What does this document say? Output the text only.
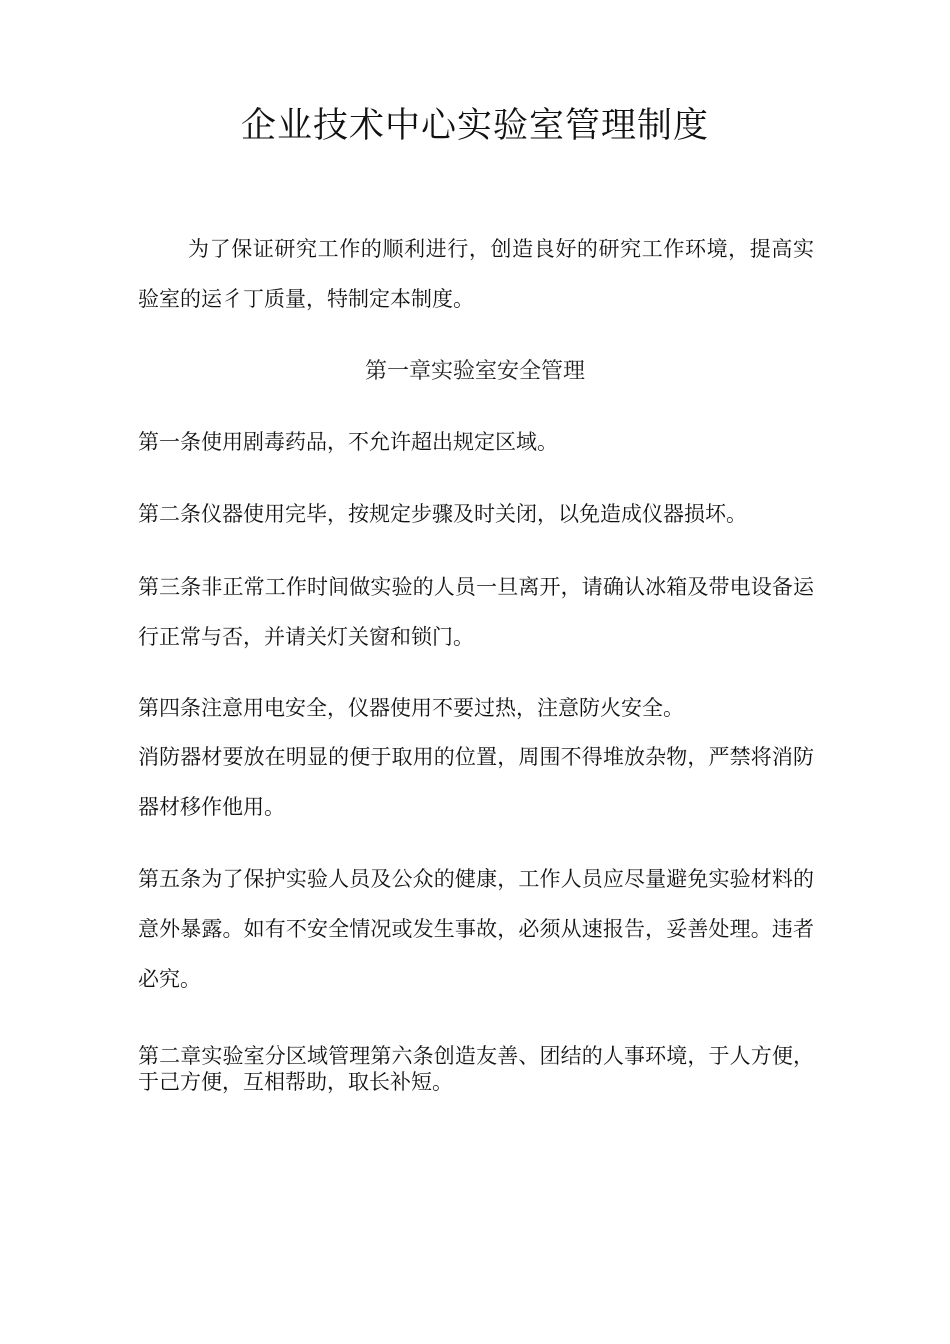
企业技术中心实验室管理制度

为了保证研究工作的顺利进行，创造良好的研究工作环境，提高实验室的运彳丁质量，特制定本制度。

第一章实验室安全管理

第一条使用剧毒药品，不允许超出规定区域。

第二条仪器使用完毕，按规定步骤及时关闭，以免造成仪器损坏。

第三条非正常工作时间做实验的人员一旦离开，请确认冰箱及带电设备运行正常与否，并请关灯关窗和锁门。

第四条注意用电安全，仪器使用不要过热，注意防火安全。

消防器材要放在明显的便于取用的位置，周围不得堆放杂物，严禁将消防器材移作他用。

第五条为了保护实验人员及公众的健康，工作人员应尽量避免实验材料的意外暴露。如有不安全情况或发生事故，必须从速报告，妥善处理。违者必究。

第二章实验室分区域管理第六条创造友善、团结的人事环境，于人方便，于己方便，互相帮助，取长补短。
